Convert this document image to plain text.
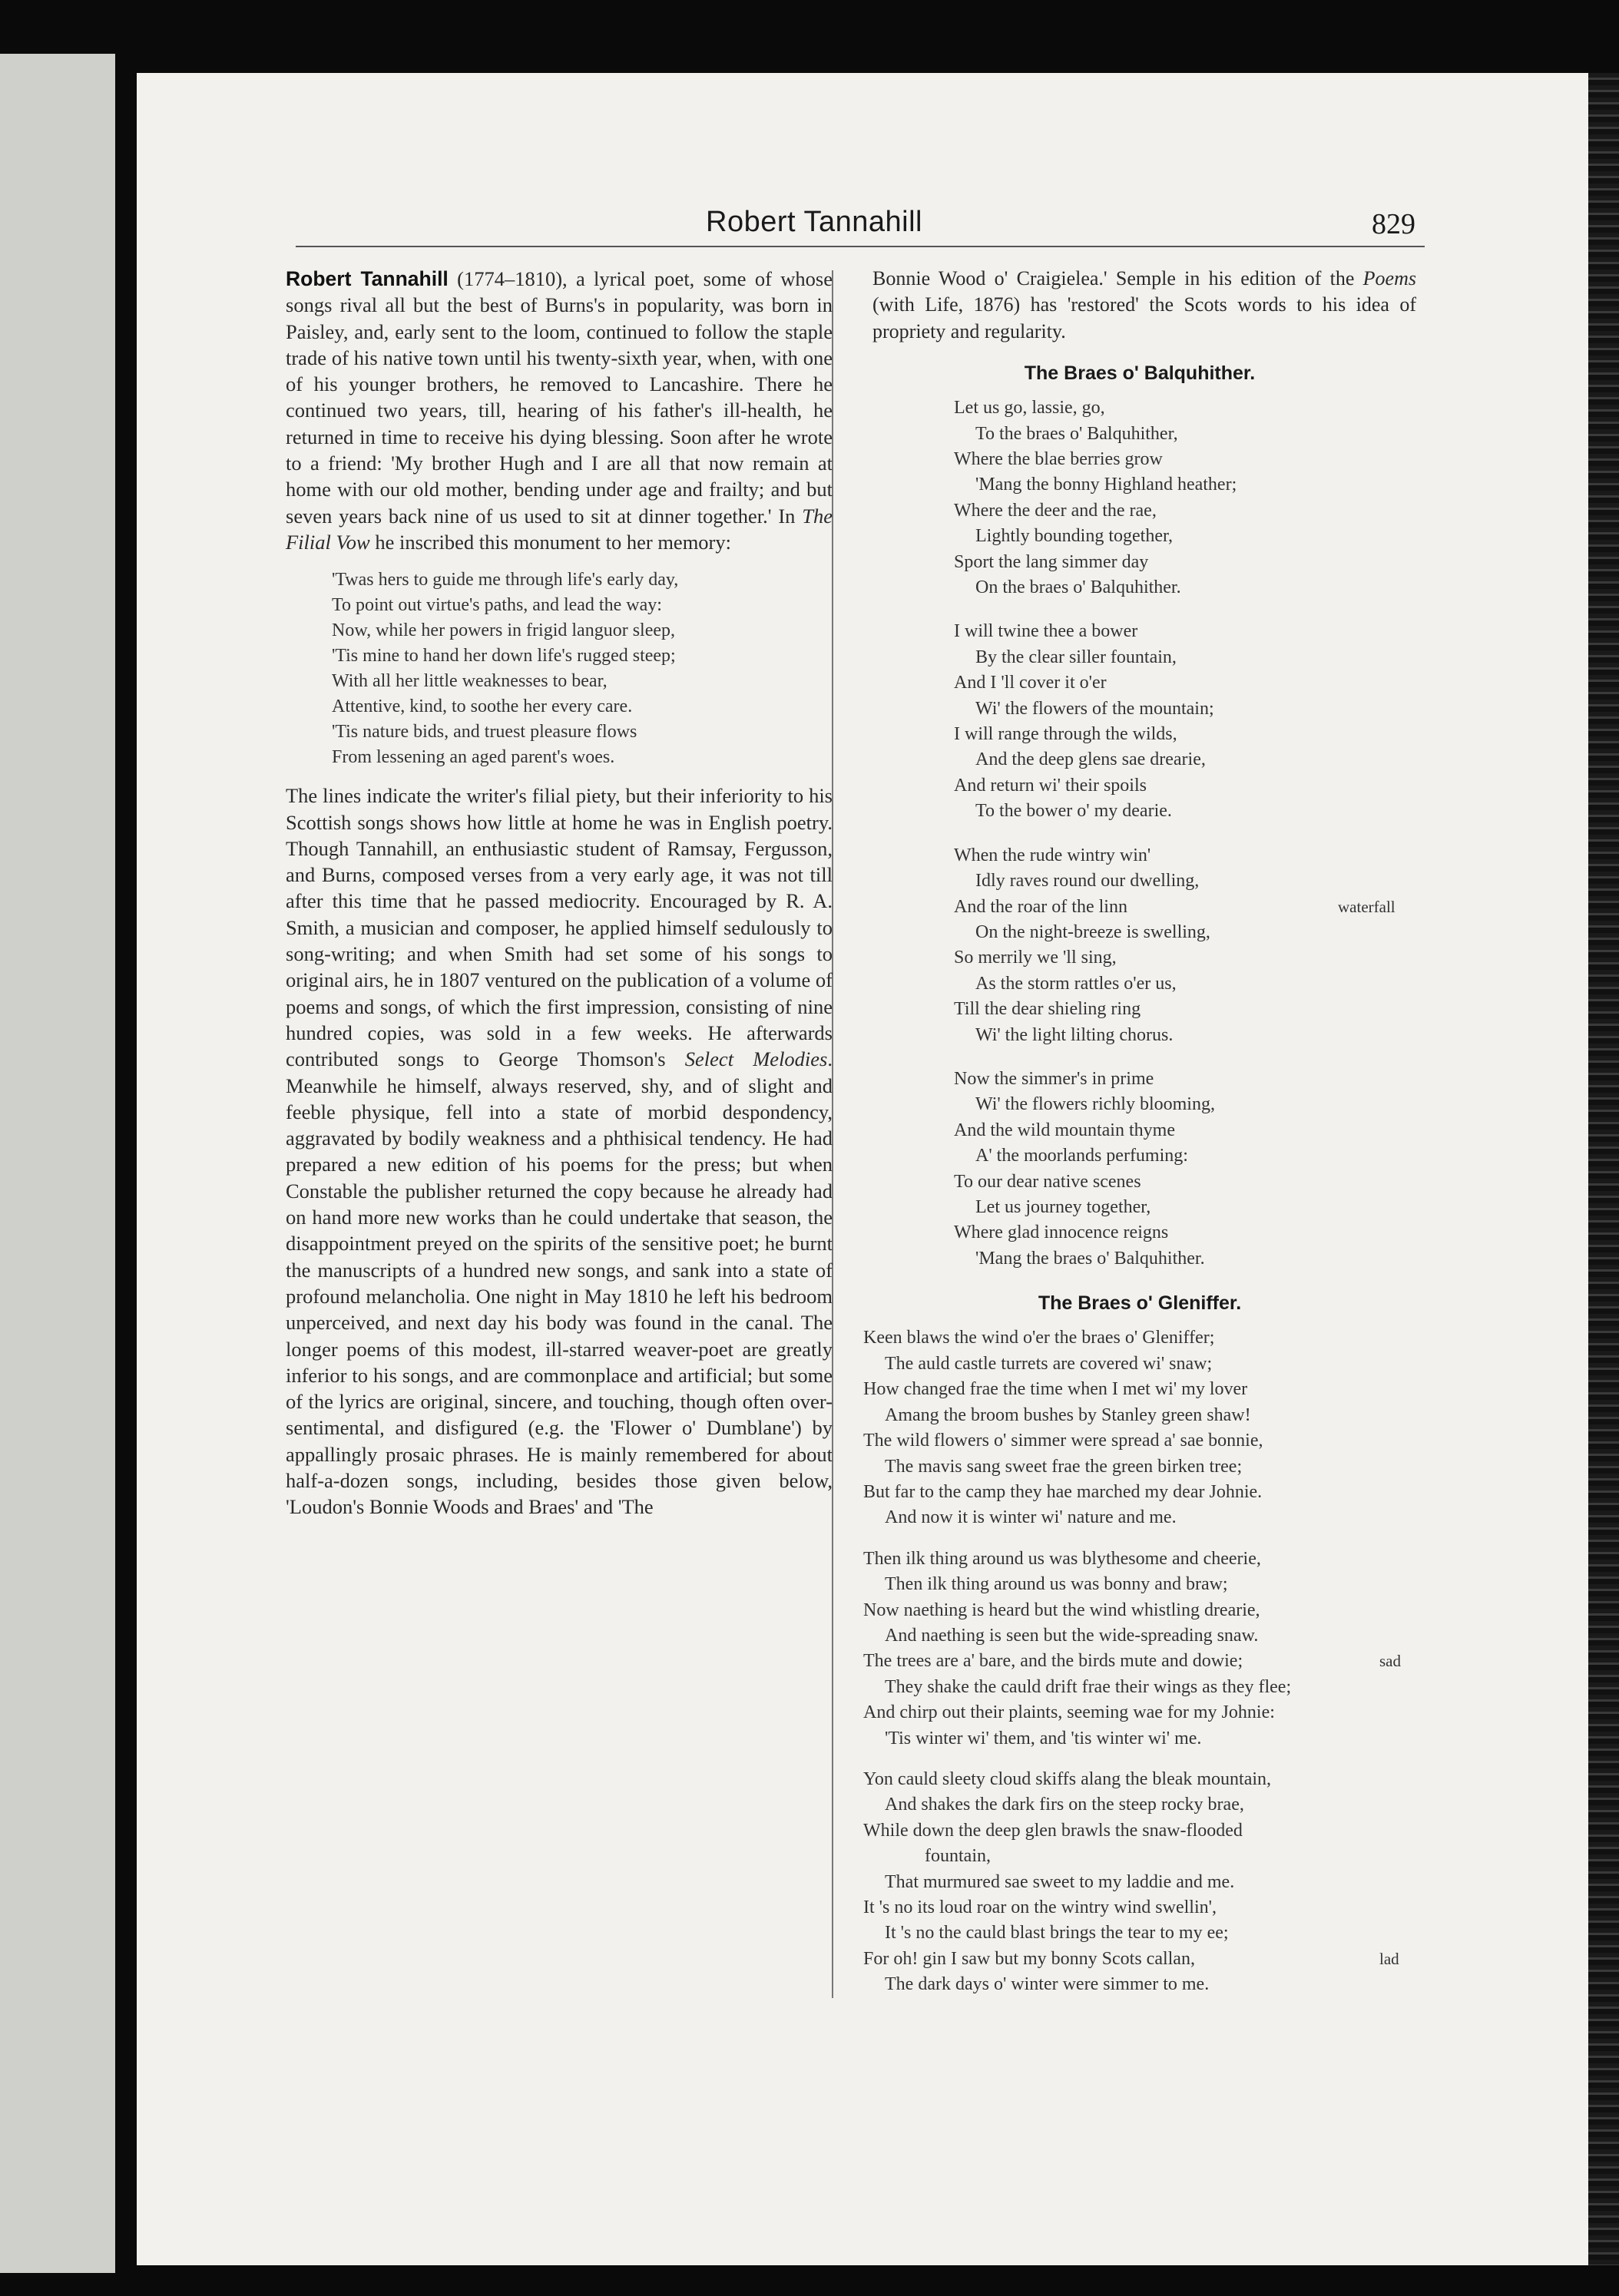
Robert Tannahill	829

Robert Tannahill (1774–1810), a lyrical poet, some of whose songs rival all but the best of Burns's in popularity, was born in Paisley, and, early sent to the loom, continued to follow the staple trade of his native town until his twenty-sixth year, when, with one of his younger brothers, he removed to Lancashire. There he continued two years, till, hearing of his father's ill-health, he returned in time to receive his dying blessing. Soon after he wrote to a friend: 'My brother Hugh and I are all that now remain at home with our old mother, bending under age and frailty; and but seven years back nine of us used to sit at dinner together.' In The Filial Vow he inscribed this monument to her memory:

'Twas hers to guide me through life's early day,
To point out virtue's paths, and lead the way:
Now, while her powers in frigid languor sleep,
'Tis mine to hand her down life's rugged steep;
With all her little weaknesses to bear,
Attentive, kind, to soothe her every care.
'Tis nature bids, and truest pleasure flows
From lessening an aged parent's woes.

The lines indicate the writer's filial piety, but their inferiority to his Scottish songs shows how little at home he was in English poetry. Though Tannahill, an enthusiastic student of Ramsay, Fergusson, and Burns, composed verses from a very early age, it was not till after this time that he passed mediocrity. Encouraged by R. A. Smith, a musician and composer, he applied himself sedulously to song-writing; and when Smith had set some of his songs to original airs, he in 1807 ventured on the publication of a volume of poems and songs, of which the first impression, consisting of nine hundred copies, was sold in a few weeks. He afterwards contributed songs to George Thomson's Select Melodies. Meanwhile he himself, always reserved, shy, and of slight and feeble physique, fell into a state of morbid despondency, aggravated by bodily weakness and a phthisical tendency. He had prepared a new edition of his poems for the press; but when Constable the publisher returned the copy because he already had on hand more new works than he could undertake that season, the disappointment preyed on the spirits of the sensitive poet; he burnt the manuscripts of a hundred new songs, and sank into a state of profound melancholia. One night in May 1810 he left his bedroom unperceived, and next day his body was found in the canal. The longer poems of this modest, ill-starred weaver-poet are greatly inferior to his songs, and are commonplace and artificial; but some of the lyrics are original, sincere, and touching, though often over-sentimental, and disfigured (e.g. the 'Flower o' Dumblane') by appallingly prosaic phrases. He is mainly remembered for about half-a-dozen songs, including, besides those given below, 'Loudon's Bonnie Woods and Braes' and 'The

Bonnie Wood o' Craigielea.' Semple in his edition of the Poems (with Life, 1876) has 'restored' the Scots words to his idea of propriety and regularity.

The Braes o' Balquhither.
Let us go, lassie, go,
To the braes o' Balquhither,
Where the blae berries grow
'Mang the bonny Highland heather;
Where the deer and the rae,
Lightly bounding together,
Sport the lang simmer day
On the braes o' Balquhither.
I will twine thee a bower
By the clear siller fountain,
And I 'll cover it o'er
Wi' the flowers of the mountain;
I will range through the wilds,
And the deep glens sae drearie,
And return wi' their spoils
To the bower o' my dearie.
When the rude wintry win'
Idly raves round our dwelling,
And the roar of the linn	waterfall
On the night-breeze is swelling,
So merrily we 'll sing,
As the storm rattles o'er us,
Till the dear shieling ring
Wi' the light lilting chorus.
Now the simmer's in prime
Wi' the flowers richly blooming,
And the wild mountain thyme
A' the moorlands perfuming:
To our dear native scenes
Let us journey together,
Where glad innocence reigns
'Mang the braes o' Balquhither.
The Braes o' Gleniffer.
Keen blaws the wind o'er the braes o' Gleniffer;
The auld castle turrets are covered wi' snaw;
How changed frae the time when I met wi' my lover
Amang the broom bushes by Stanley green shaw!
The wild flowers o' simmer were spread a' sae bonnie,
The mavis sang sweet frae the green birken tree;
But far to the camp they hae marched my dear Johnie.
And now it is winter wi' nature and me.
Then ilk thing around us was blythesome and cheerie,
Then ilk thing around us was bonny and braw;
Now naething is heard but the wind whistling drearie,
And naething is seen but the wide-spreading snaw.
The trees are a' bare, and the birds mute and dowie;	sad
They shake the cauld drift frae their wings as they flee;
And chirp out their plaints, seeming wae for my Johnie:
'Tis winter wi' them, and 'tis winter wi' me.
Yon cauld sleety cloud skiffs alang the bleak mountain,
And shakes the dark firs on the steep rocky brae,
While down the deep glen brawls the snaw-flooded
fountain,
That murmured sae sweet to my laddie and me.
It 's no its loud roar on the wintry wind swellin',
It 's no the cauld blast brings the tear to my ee;
For oh! gin I saw but my bonny Scots callan,	lad
The dark days o' winter were simmer to me.
